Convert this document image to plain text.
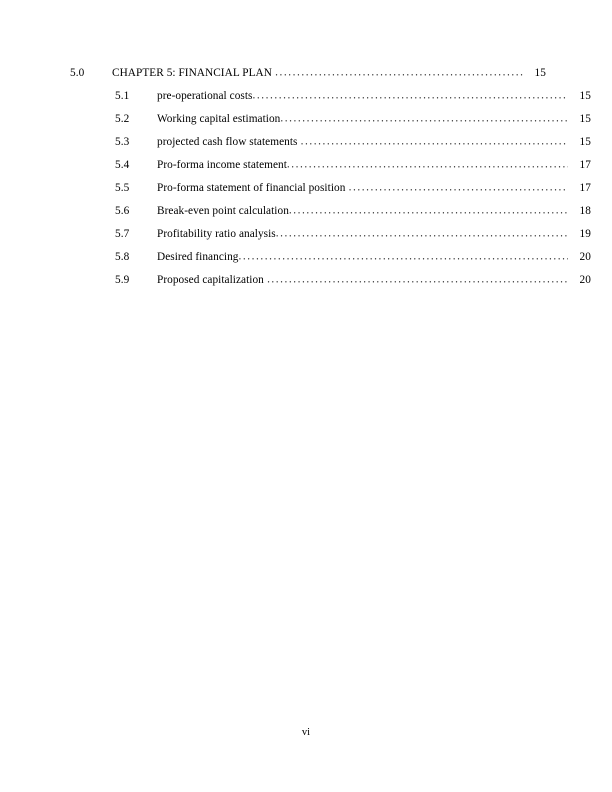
5.0	CHAPTER 5: FINANCIAL PLAN .....	15
5.1	pre-operational costs .....	15
5.2	Working capital estimation .....	15
5.3	projected cash flow statements .....	15
5.4	Pro-forma income statement .....	17
5.5	Pro-forma statement of financial position .....	17
5.6	Break-even point calculation .....	18
5.7	Profitability ratio analysis .....	19
5.8	Desired financing .....	20
5.9	Proposed capitalization .....	20
vi
